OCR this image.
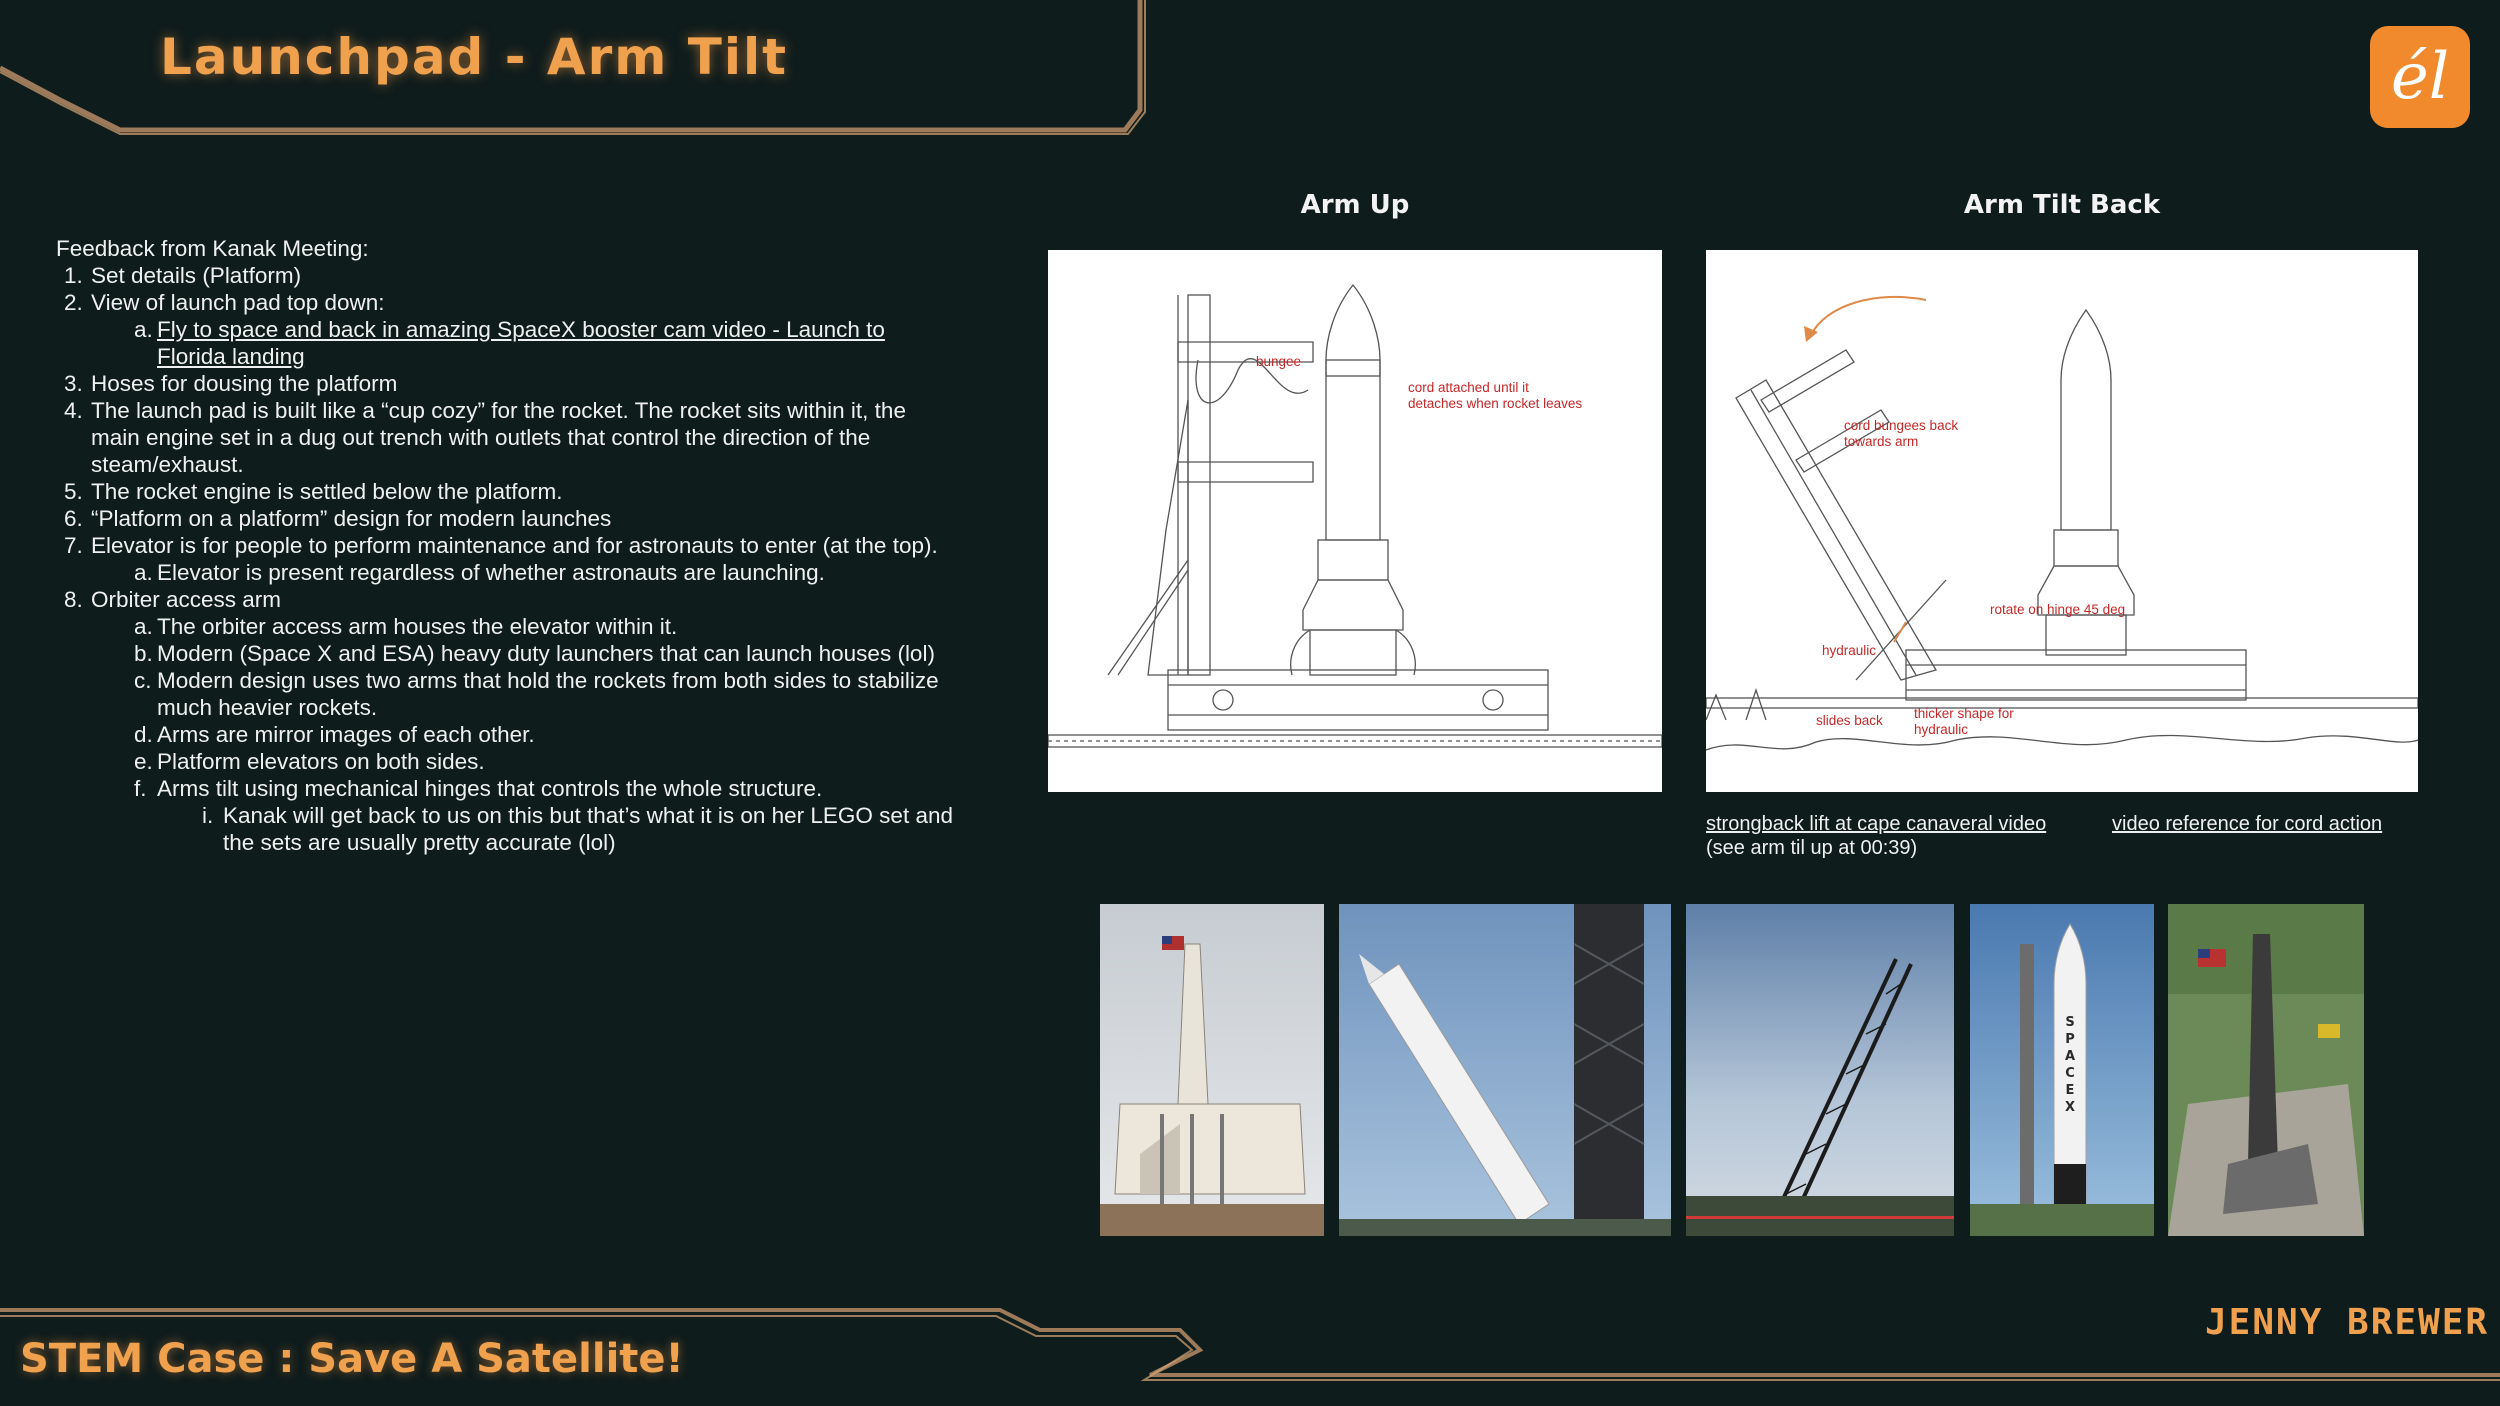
Launchpad - Arm Tilt	él
Feedback from Kanak Meeting:
1. Set details (Platform)
2. View of launch pad top down:
a. Fly to space and back in amazing SpaceX booster cam video - Launch to Florida landing
3. Hoses for dousing the platform
4. The launch pad is built like a “cup cozy” for the rocket. The rocket sits within it, the main engine set in a dug out trench with outlets that control the direction of the steam/exhaust.
5. The rocket engine is settled below the platform.
6. “Platform on a platform” design for modern launches
7. Elevator is for people to perform maintenance and for astronauts to enter (at the top).
a. Elevator is present regardless of whether astronauts are launching.
8. Orbiter access arm
a. The orbiter access arm houses the elevator within it.
b. Modern (Space X and ESA) heavy duty launchers that can launch houses (lol)
c. Modern design uses two arms that hold the rockets from both sides to stabilize much heavier rockets.
d. Arms are mirror images of each other.
e. Platform elevators on both sides.
f. Arms tilt using mechanical hinges that controls the whole structure.
i. Kanak will get back to us on this but that’s what it is on her LEGO set and the sets are usually pretty accurate (lol)
Arm Up	Arm Tilt Back
bungee
cord attached until it detaches when rocket leaves
cord bungees back towards arm
rotate on hinge 45 deg
hydraulic
slides back thicker shape for hydraulic
strongback lift at cape canaveral video
(see arm til up at 00:39)
video reference for cord action
SPACEX
STEM Case : Save A Satellite!
JENNY BREWER
